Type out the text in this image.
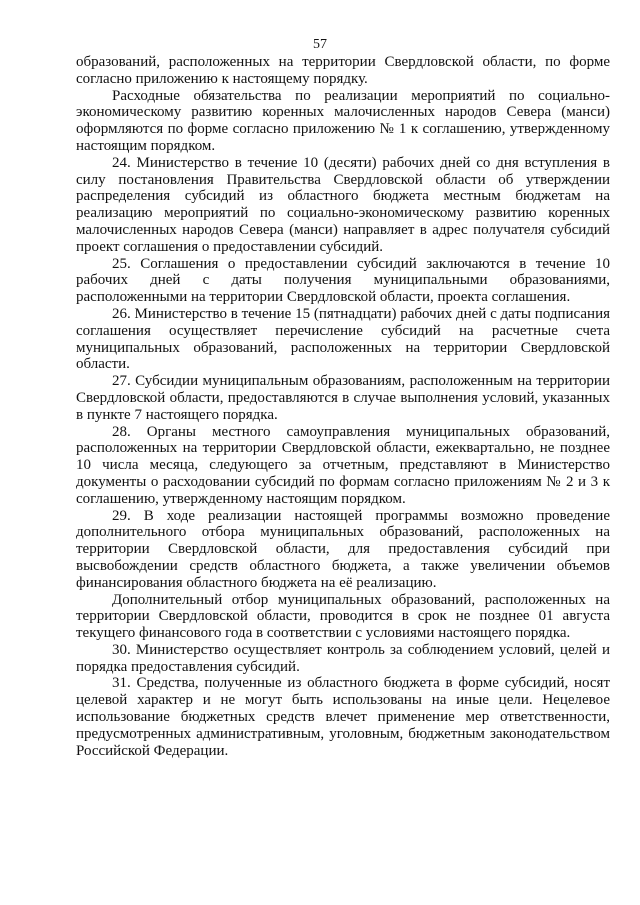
57

образований, расположенных на территории Свердловской области, по форме согласно приложению к настоящему порядку.

Расходные обязательства по реализации мероприятий по социально-экономическому развитию коренных малочисленных народов Севера (манси) оформляются по форме согласно приложению № 1 к соглашению, утвержденному настоящим порядком.

24. Министерство в течение 10 (десяти) рабочих дней со дня вступления в силу постановления Правительства Свердловской области об утверждении распределения субсидий из областного бюджета местным бюджетам на реализацию мероприятий по социально-экономическому развитию коренных малочисленных народов Севера (манси) направляет в адрес получателя субсидий проект соглашения о предоставлении субсидий.

25. Соглашения о предоставлении субсидий заключаются в течение 10 рабочих дней с даты получения муниципальными образованиями, расположенными на территории Свердловской области, проекта соглашения.

26. Министерство в течение 15 (пятнадцати) рабочих дней с даты подписания соглашения осуществляет перечисление субсидий на расчетные счета муниципальных образований, расположенных на территории Свердловской области.

27. Субсидии муниципальным образованиям, расположенным на территории Свердловской области, предоставляются в случае выполнения условий, указанных в пункте 7 настоящего порядка.

28. Органы местного самоуправления муниципальных образований, расположенных на территории Свердловской области, ежеквартально, не позднее 10 числа месяца, следующего за отчетным, представляют в Министерство документы о расходовании субсидий по формам согласно приложениям № 2 и 3 к соглашению, утвержденному настоящим порядком.

29. В ходе реализации настоящей программы возможно проведение дополнительного отбора муниципальных образований, расположенных на территории Свердловской области, для предоставления субсидий при высвобождении средств областного бюджета, а также увеличении объемов финансирования областного бюджета на её реализацию.

Дополнительный отбор муниципальных образований, расположенных на территории Свердловской области, проводится в срок не позднее 01 августа текущего финансового года в соответствии с условиями настоящего порядка.

30. Министерство осуществляет контроль за соблюдением условий, целей и порядка предоставления субсидий.

31. Средства, полученные из областного бюджета в форме субсидий, носят целевой характер и не могут быть использованы на иные цели. Нецелевое использование бюджетных средств влечет применение мер ответственности, предусмотренных административным, уголовным, бюджетным законодательством Российской Федерации.
